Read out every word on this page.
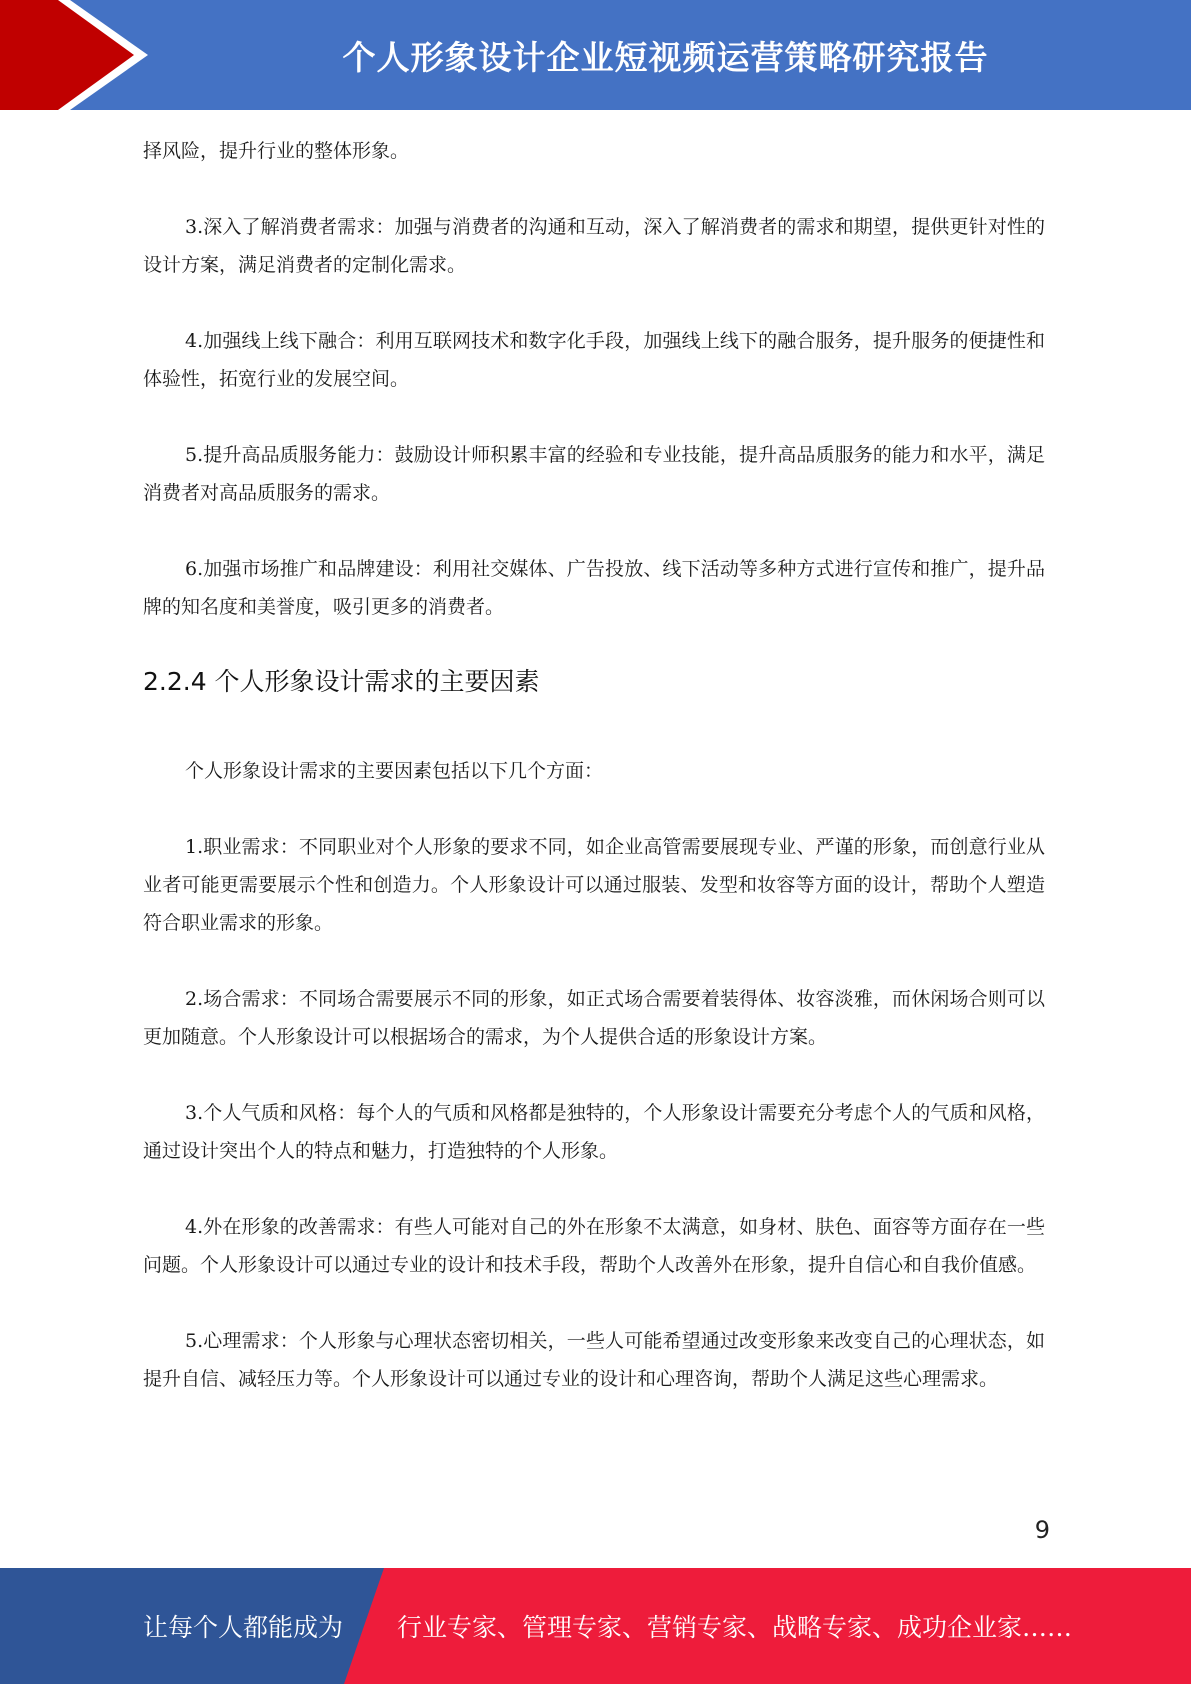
个人形象设计企业短视频运营策略研究报告

择风险，提升行业的整体形象。

3.深入了解消费者需求：加强与消费者的沟通和互动，深入了解消费者的需求和期望，提供更针对性的设计方案，满足消费者的定制化需求。

4.加强线上线下融合：利用互联网技术和数字化手段，加强线上线下的融合服务，提升服务的便捷性和体验性，拓宽行业的发展空间。

5.提升高品质服务能力：鼓励设计师积累丰富的经验和专业技能，提升高品质服务的能力和水平，满足消费者对高品质服务的需求。

6.加强市场推广和品牌建设：利用社交媒体、广告投放、线下活动等多种方式进行宣传和推广，提升品牌的知名度和美誉度，吸引更多的消费者。

2.2.4 个人形象设计需求的主要因素

个人形象设计需求的主要因素包括以下几个方面：

1.职业需求：不同职业对个人形象的要求不同，如企业高管需要展现专业、严谨的形象，而创意行业从业者可能更需要展示个性和创造力。个人形象设计可以通过服装、发型和妆容等方面的设计，帮助个人塑造符合职业需求的形象。

2.场合需求：不同场合需要展示不同的形象，如正式场合需要着装得体、妆容淡雅，而休闲场合则可以更加随意。个人形象设计可以根据场合的需求，为个人提供合适的形象设计方案。

3.个人气质和风格：每个人的气质和风格都是独特的，个人形象设计需要充分考虑个人的气质和风格，通过设计突出个人的特点和魅力，打造独特的个人形象。

4.外在形象的改善需求：有些人可能对自己的外在形象不太满意，如身材、肤色、面容等方面存在一些问题。个人形象设计可以通过专业的设计和技术手段，帮助个人改善外在形象，提升自信心和自我价值感。

5.心理需求：个人形象与心理状态密切相关，一些人可能希望通过改变形象来改变自己的心理状态，如提升自信、减轻压力等。个人形象设计可以通过专业的设计和心理咨询，帮助个人满足这些心理需求。

9
让每个人都能成为 行业专家、管理专家、营销专家、战略专家、成功企业家……
